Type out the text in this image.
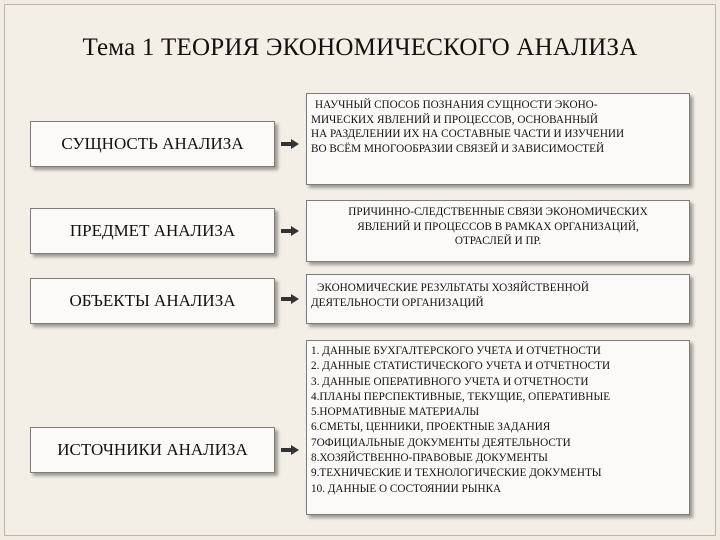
Тема 1 ТЕОРИЯ ЭКОНОМИЧЕСКОГО АНАЛИЗА
СУЩНОСТЬ АНАЛИЗА
НАУЧНЫЙ СПОСОБ ПОЗНАНИЯ СУЩНОСТИ ЭКОНО-
МИЧЕСКИХ ЯВЛЕНИЙ И ПРОЦЕССОВ, ОСНОВАННЫЙ
НА РАЗДЕЛЕНИИ ИХ НА СОСТАВНЫЕ ЧАСТИ И ИЗУЧЕНИИ
ВО ВСЁМ МНОГООБРАЗИИ СВЯЗЕЙ И ЗАВИСИМОСТЕЙ
ПРЕДМЕТ АНАЛИЗА
ПРИЧИННО-СЛЕДСТВЕННЫЕ СВЯЗИ ЭКОНОМИЧЕСКИХ
ЯВЛЕНИЙ И ПРОЦЕССОВ В РАМКАХ ОРГАНИЗАЦИЙ,
ОТРАСЛЕЙ И ПР.
ОБЪЕКТЫ АНАЛИЗА
ЭКОНОМИЧЕСКИЕ РЕЗУЛЬТАТЫ ХОЗЯЙСТВЕННОЙ
ДЕЯТЕЛЬНОСТИ ОРГАНИЗАЦИЙ
ИСТОЧНИКИ АНАЛИЗА
1. ДАННЫЕ БУХГАЛТЕРСКОГО УЧЕТА И ОТЧЕТНОСТИ
2. ДАННЫЕ СТАТИСТИЧЕСКОГО УЧЕТА И ОТЧЕТНОСТИ
3. ДАННЫЕ ОПЕРАТИВНОГО УЧЕТА И ОТЧЕТНОСТИ
4.ПЛАНЫ ПЕРСПЕКТИВНЫЕ, ТЕКУЩИЕ, ОПЕРАТИВНЫЕ
5.НОРМАТИВНЫЕ МАТЕРИАЛЫ
6.СМЕТЫ, ЦЕННИКИ, ПРОЕКТНЫЕ ЗАДАНИЯ
7ОФИЦИАЛЬНЫЕ ДОКУМЕНТЫ ДЕЯТЕЛЬНОСТИ
8.ХОЗЯЙСТВЕННО-ПРАВОВЫЕ ДОКУМЕНТЫ
9.ТЕХНИЧЕСКИЕ И ТЕХНОЛОГИЧЕСКИЕ ДОКУМЕНТЫ
10. ДАННЫЕ О СОСТОЯНИИ РЫНКА
